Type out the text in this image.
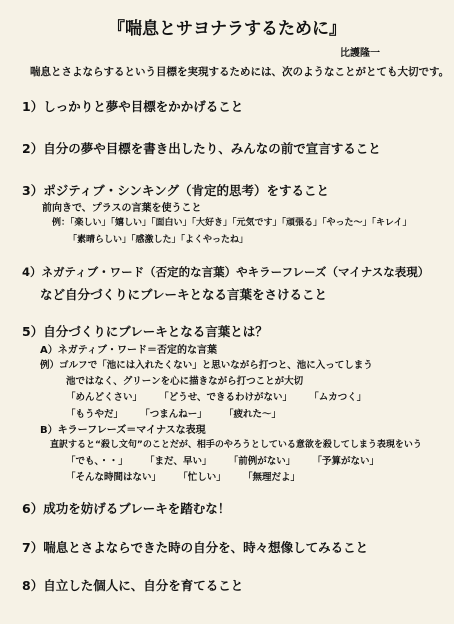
『喘息とサヨナラするために』
比護隆一
喘息とさよならするという目標を実現するためには、次のようなことがとても大切です。
1）しっかりと夢や目標をかかげること
2）自分の夢や目標を書き出したり、みんなの前で宣言すること
3）ポジティブ・シンキング（肯定的思考）をすること
前向きで、プラスの言葉を使うこと
例：「楽しい」「嬉しい」「面白い」「大好き」「元気です」「頑張る」「やった〜」「キレイ」
「素晴らしい」「感激した」「よくやったね」
4）ネガティブ・ワード（否定的な言葉）やキラーフレーズ（マイナスな表現）
など自分づくりにブレーキとなる言葉をさけること
5）自分づくりにブレーキとなる言葉とは？
A）ネガティブ・ワード＝否定的な言葉
例）ゴルフで「池には入れたくない」と思いながら打つと、池に入ってしまう
池ではなく、グリーンを心に描きながら打つことが大切
「めんどくさい」 「どうせ、できるわけがない」 「ムカつく」
「もうやだ」 「つまんねー」 「疲れた〜」
B）キラーフレーズ＝マイナスな表現
直訳すると“殺し文句”のことだが、相手のやろうとしている意欲を殺してしまう表現をいう
「でも、・・」 「まだ、早い」 「前例がない」 「予算がない」
「そんな時間はない」 「忙しい」 「無理だよ」
6）成功を妨げるブレーキを踏むな！
7）喘息とさよならできた時の自分を、時々想像してみること
8）自立した個人に、自分を育てること
